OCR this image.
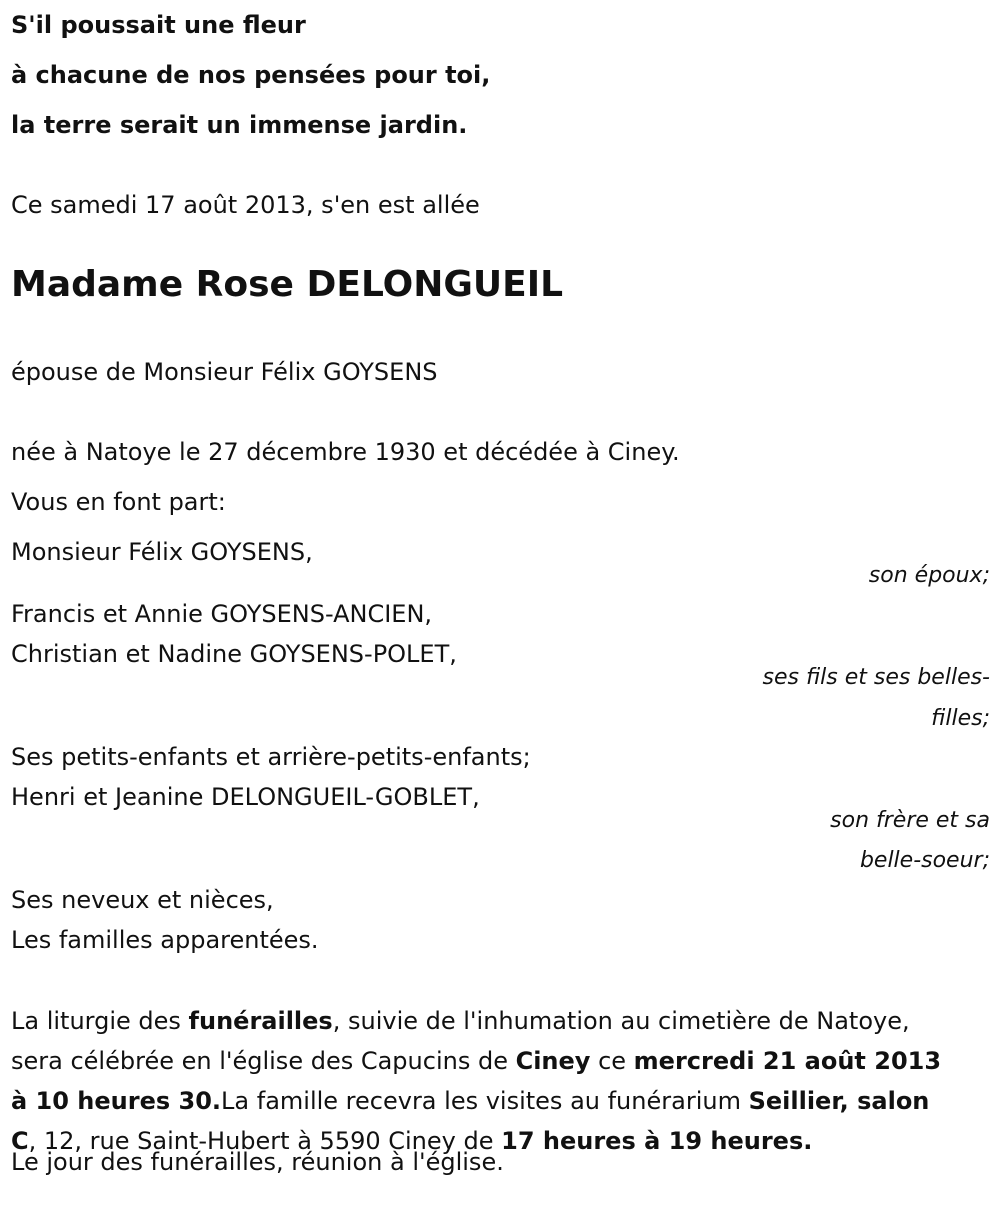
S'il poussait une fleur
à chacune de nos pensées pour toi,
la terre serait un immense jardin.
Ce samedi 17 août 2013, s'en est allée
Madame Rose DELONGUEIL
épouse de Monsieur Félix GOYSENS
née à Natoye le 27 décembre 1930 et décédée à Ciney.
Vous en font part:
Monsieur Félix GOYSENS,
son époux;
Francis et Annie GOYSENS-ANCIEN,
Christian et Nadine GOYSENS-POLET,
ses fils et ses belles-
filles;
Ses petits-enfants et arrière-petits-enfants;
Henri et Jeanine DELONGUEIL-GOBLET,
son frère et sa
belle-soeur;
Ses neveux et nièces,
Les familles apparentées.
La liturgie des funérailles, suivie de l'inhumation au cimetière de Natoye,
sera célébrée en l'église des Capucins de Ciney ce mercredi 21 août 2013
à 10 heures 30.La famille recevra les visites au funérarium Seillier, salon
C, 12, rue Saint-Hubert à 5590 Ciney de 17 heures à 19 heures.
Le jour des funérailles, réunion à l'église.
